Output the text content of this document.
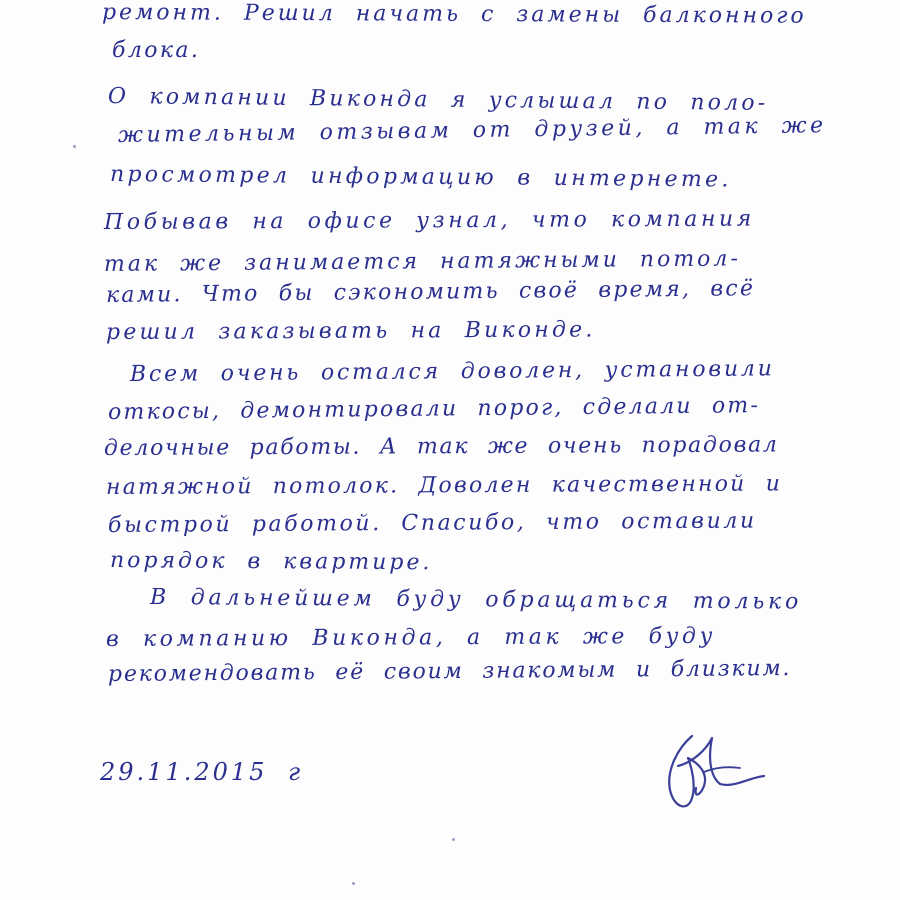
ремонт. Решил начать с замены балконного
блока.
О компании Виконда я услышал по поло-
жительным отзывам от друзей, а так же
просмотрел информацию в интернете.
Побывав на офисе узнал, что компания
так же занимается натяжными потол-
ками. Что бы сэкономить своё время, всё
решил заказывать на Виконде.
Всем очень остался доволен, установили
откосы, демонтировали порог, сделали от-
делочные работы. А так же очень порадовал
натяжной потолок. Доволен качественной и
быстрой работой. Спасибо, что оставили
порядок в квартире.
В дальнейшем буду обращаться только
в компанию Виконда, а так же буду
рекомендовать её своим знакомым и близким.
29.11.2015 г
